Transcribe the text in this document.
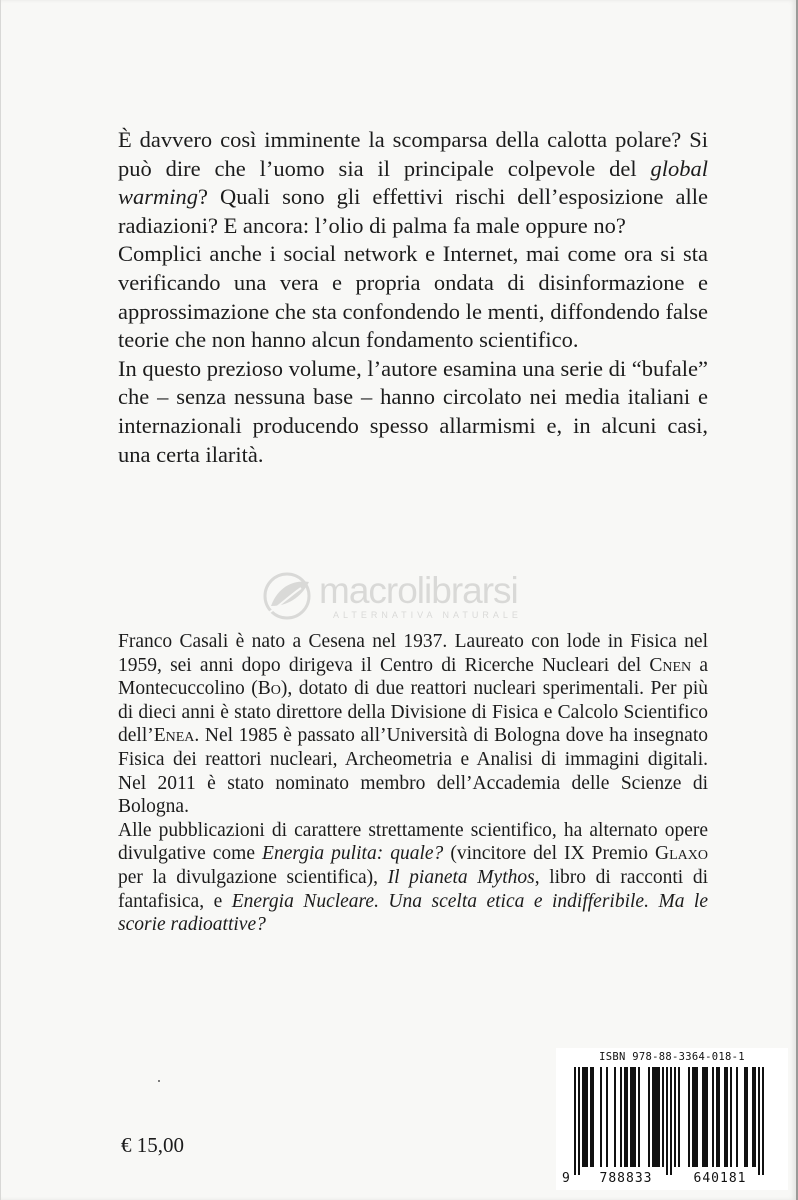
È davvero così imminente la scomparsa della calotta polare? Si può dire che l’uomo sia il principale colpevole del global warming? Quali sono gli effettivi rischi dell’esposizione alle radiazioni? E ancora: l’olio di palma fa male oppure no?

Complici anche i social network e Internet, mai come ora si sta verificando una vera e propria ondata di disinformazione e approssimazione che sta confondendo le menti, diffondendo false teorie che non hanno alcun fondamento scientifico.

In questo prezioso volume, l’autore esamina una serie di “bufale” che – senza nessuna base – hanno circolato nei media italiani e internazionali producendo spesso allarmismi e, in alcuni casi, una certa ilarità.

macrolibrarsi
ALTERNATIVA NATURALE

Franco Casali è nato a Cesena nel 1937. Laureato con lode in Fisica nel 1959, sei anni dopo dirigeva il Centro di Ricerche Nucleari del Cnen a Montecuccolino (Bo), dotato di due reattori nucleari sperimentali. Per più di dieci anni è stato direttore della Divisione di Fisica e Calcolo Scientifico dell’Enea. Nel 1985 è passato all’Università di Bologna dove ha insegnato Fisica dei reattori nucleari, Archeometria e Analisi di immagini digitali. Nel 2011 è stato nominato membro dell’Accademia delle Scienze di Bologna.

Alle pubblicazioni di carattere strettamente scientifico, ha alternato opere divulgative come Energia pulita: quale? (vincitore del IX Premio Glaxo per la divulgazione scientifica), Il pianeta Mythos, libro di racconti di fantafisica, e Energia Nucleare. Una scelta etica e indifferibile. Ma le scorie radioattive?

ISBN 978-88-3364-018-1
9	788833	640181
€ 15,00
